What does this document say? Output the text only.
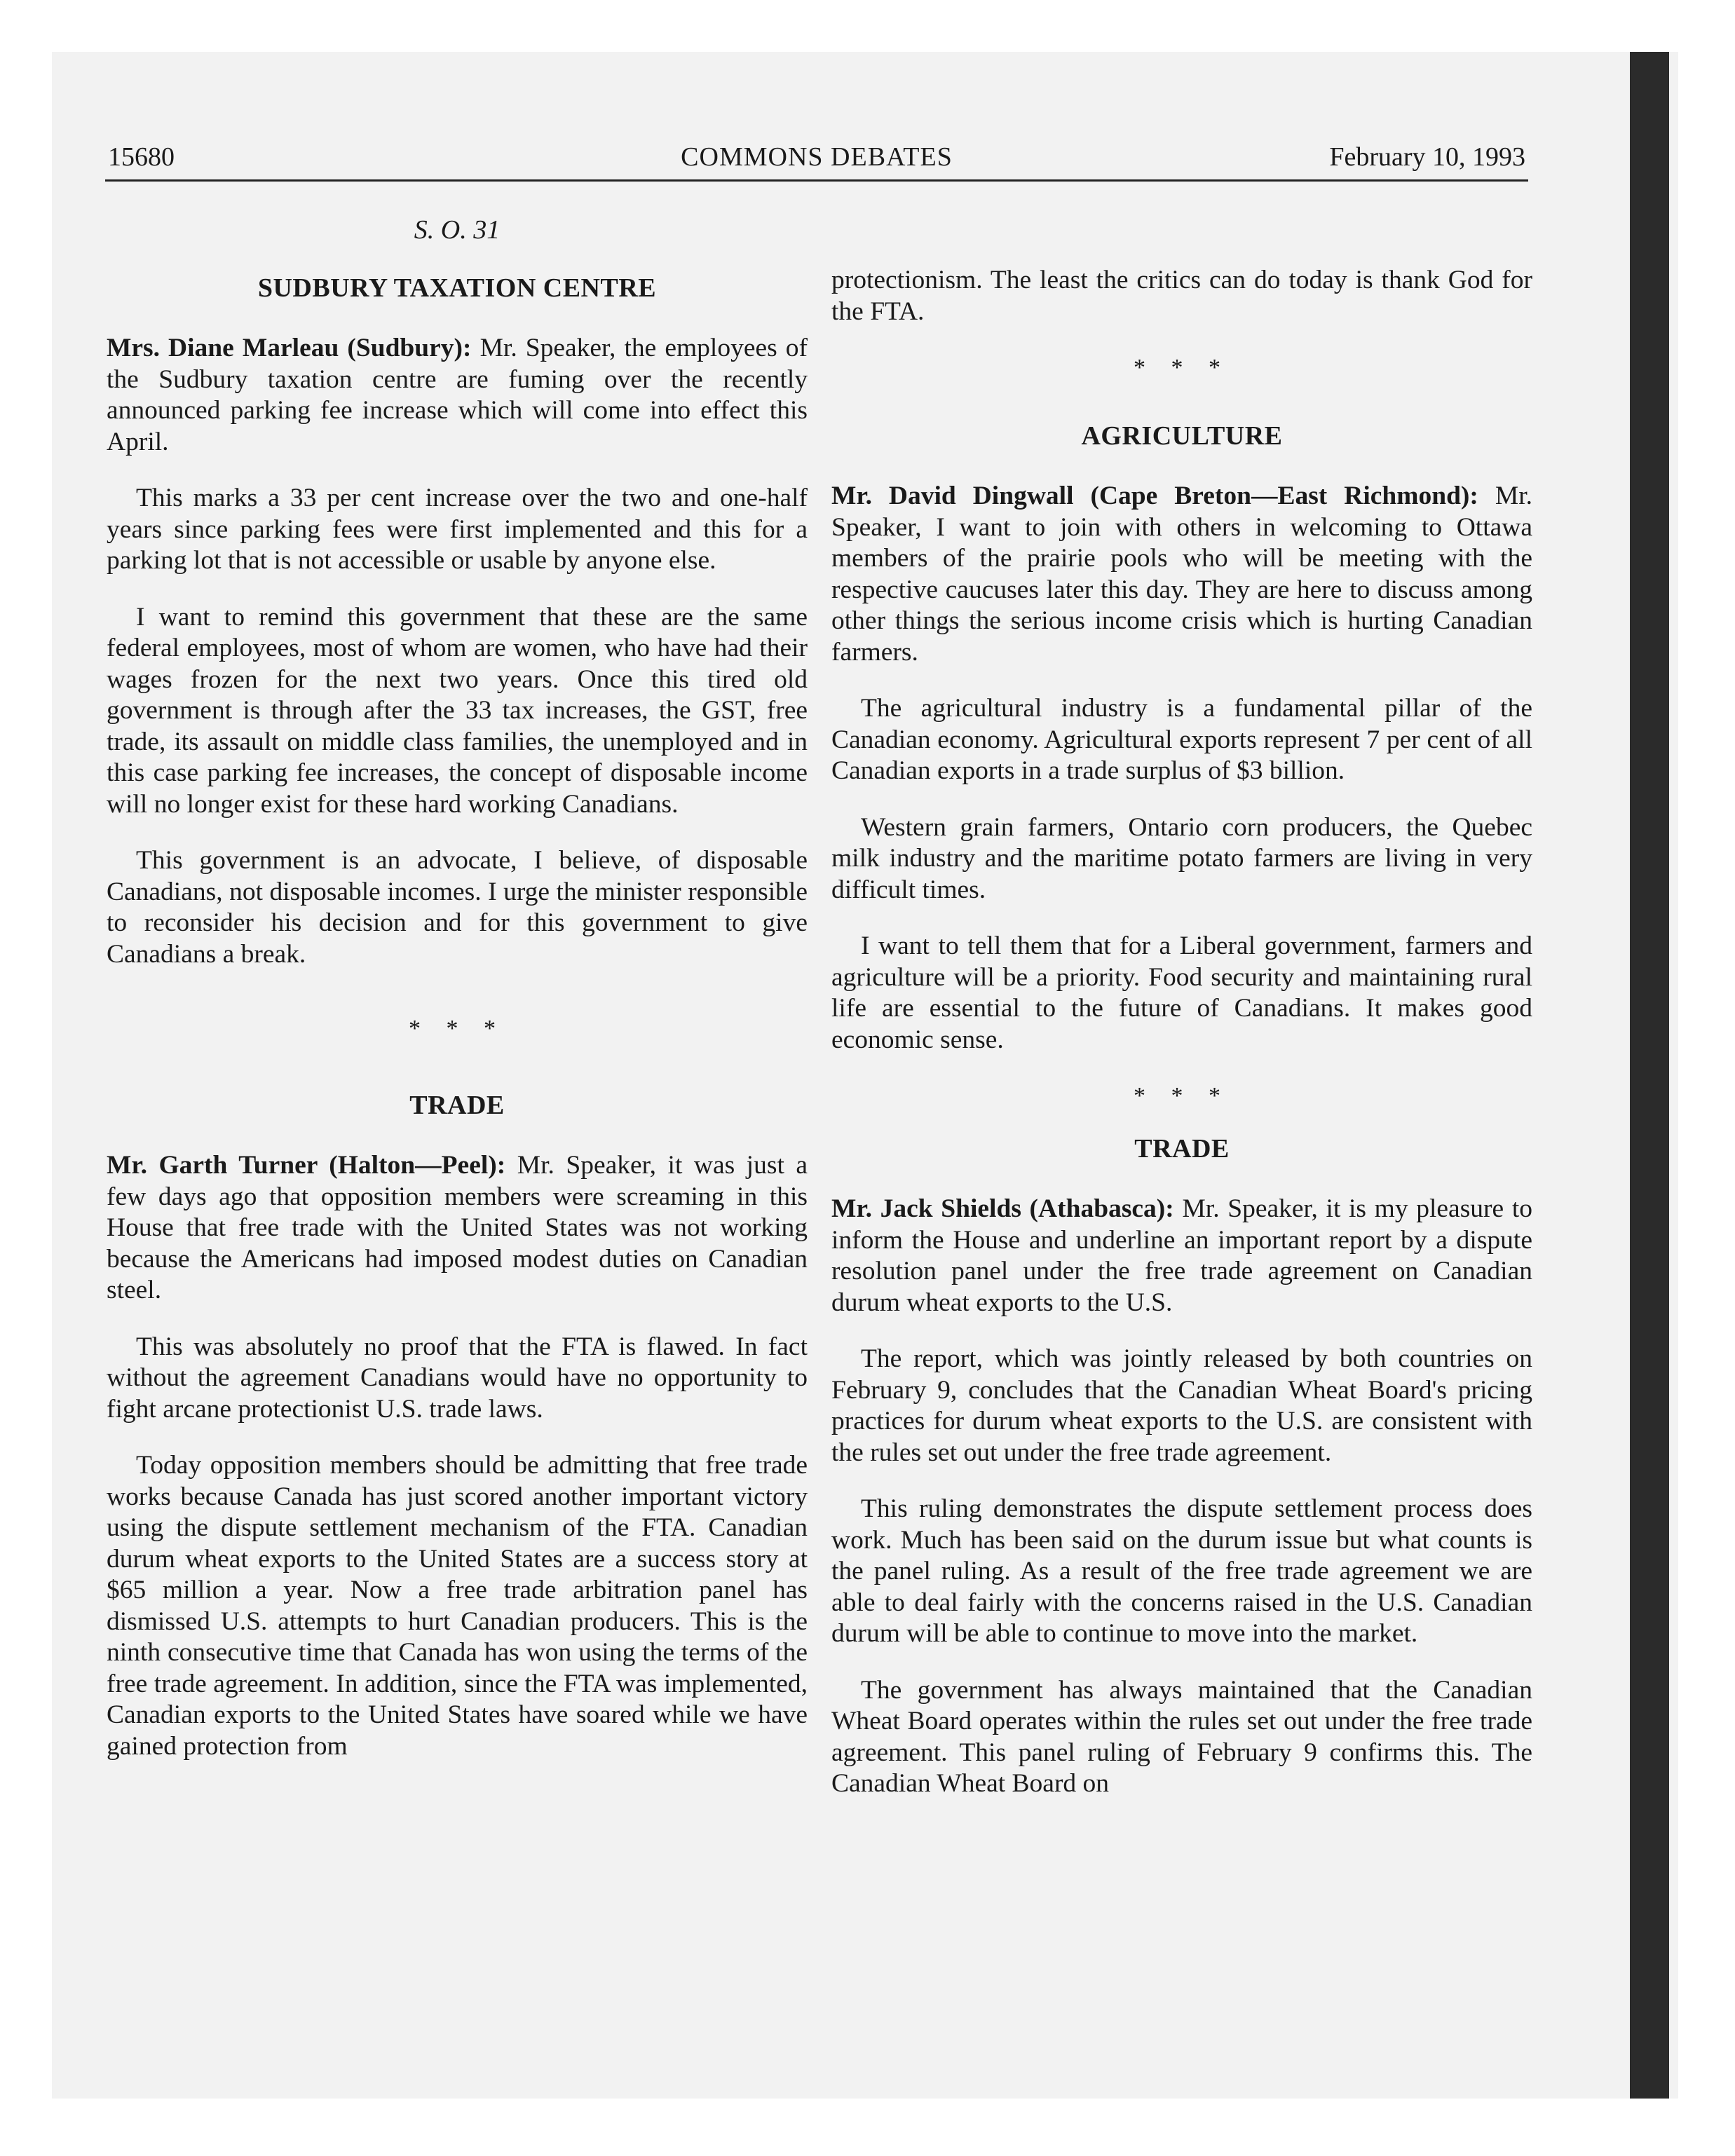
15680	COMMONS DEBATES	February 10, 1993
S. O. 31
SUDBURY TAXATION CENTRE

Mrs. Diane Marleau (Sudbury): Mr. Speaker, the employees of the Sudbury taxation centre are fuming over the recently announced parking fee increase which will come into effect this April.

This marks a 33 per cent increase over the two and one-half years since parking fees were first implemented and this for a parking lot that is not accessible or usable by anyone else.

I want to remind this government that these are the same federal employees, most of whom are women, who have had their wages frozen for the next two years. Once this tired old government is through after the 33 tax increases, the GST, free trade, its assault on middle class families, the unemployed and in this case parking fee increases, the concept of disposable income will no longer exist for these hard working Canadians.

This government is an advocate, I believe, of disposable Canadians, not disposable incomes. I urge the minister responsible to reconsider his decision and for this government to give Canadians a break.

* * *
TRADE

Mr. Garth Turner (Halton—Peel): Mr. Speaker, it was just a few days ago that opposition members were screaming in this House that free trade with the United States was not working because the Americans had imposed modest duties on Canadian steel.

This was absolutely no proof that the FTA is flawed. In fact without the agreement Canadians would have no opportunity to fight arcane protectionist U.S. trade laws.

Today opposition members should be admitting that free trade works because Canada has just scored another important victory using the dispute settlement mechanism of the FTA. Canadian durum wheat exports to the United States are a success story at $65 million a year. Now a free trade arbitration panel has dismissed U.S. attempts to hurt Canadian producers. This is the ninth consecutive time that Canada has won using the terms of the free trade agreement. In addition, since the FTA was implemented, Canadian exports to the United States have soared while we have gained protection from

protectionism. The least the critics can do today is thank God for the FTA.

* * *
AGRICULTURE

Mr. David Dingwall (Cape Breton—East Richmond): Mr. Speaker, I want to join with others in welcoming to Ottawa members of the prairie pools who will be meeting with the respective caucuses later this day. They are here to discuss among other things the serious income crisis which is hurting Canadian farmers.

The agricultural industry is a fundamental pillar of the Canadian economy. Agricultural exports represent 7 per cent of all Canadian exports in a trade surplus of $3 billion.

Western grain farmers, Ontario corn producers, the Quebec milk industry and the maritime potato farmers are living in very difficult times.

I want to tell them that for a Liberal government, farmers and agriculture will be a priority. Food security and maintaining rural life are essential to the future of Canadians. It makes good economic sense.

* * *
TRADE

Mr. Jack Shields (Athabasca): Mr. Speaker, it is my pleasure to inform the House and underline an important report by a dispute resolution panel under the free trade agreement on Canadian durum wheat exports to the U.S.

The report, which was jointly released by both countries on February 9, concludes that the Canadian Wheat Board's pricing practices for durum wheat exports to the U.S. are consistent with the rules set out under the free trade agreement.

This ruling demonstrates the dispute settlement process does work. Much has been said on the durum issue but what counts is the panel ruling. As a result of the free trade agreement we are able to deal fairly with the concerns raised in the U.S. Canadian durum will be able to continue to move into the market.

The government has always maintained that the Canadian Wheat Board operates within the rules set out under the free trade agreement. This panel ruling of February 9 confirms this. The Canadian Wheat Board on
